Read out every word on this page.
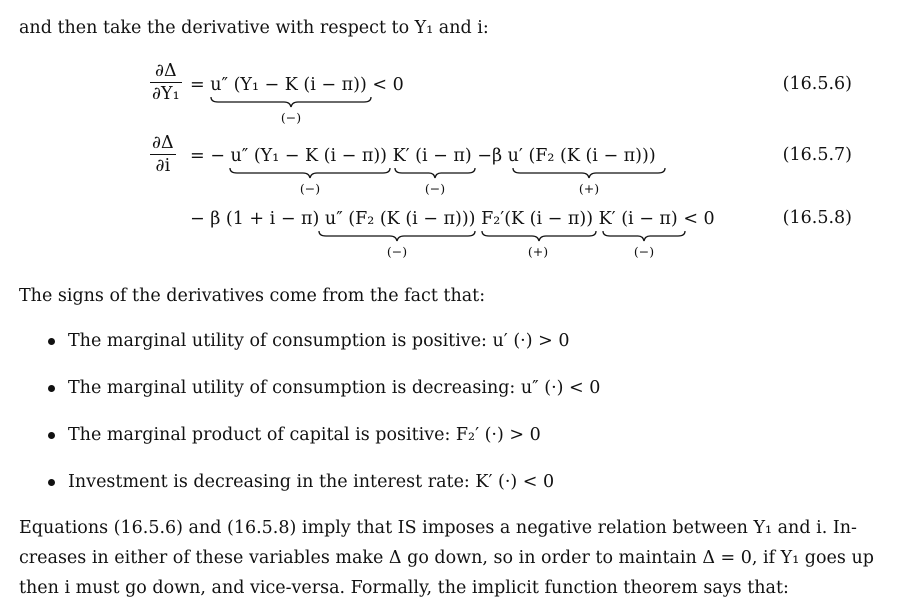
and then take the derivative with respect to Y₁ and i:
$\frac{\partial\Delta}{\text{∂Y₁}} = u''$ (Y₁ − K (i − π)) < 0
(−)
(16.5.6)
$\frac{\partial\Delta}{\partial i}$ = − u″ (Y₁ − K (i − π)) K′ (i − π) −β u′ (F₂ (K (i − π)))
(−)	(−)	(+)
(16.5.7)
− β (1 + i − π) u″ (F₂ (K (i − π))) F₂′(K (i − π)) K′ (i − π) < 0
(−)	(+)	(−)
(16.5.8)
The signs of the derivatives come from the fact that:
The marginal utility of consumption is positive: u′ (·) > 0
The marginal utility of consumption is decreasing: u″ (·) < 0
The marginal product of capital is positive: F₂′ (·) > 0
Investment is decreasing in the interest rate: K′ (·) < 0
Equations (16.5.6) and (16.5.8) imply that IS imposes a negative relation between Y₁ and i. In-
creases in either of these variables make Δ go down, so in order to maintain Δ = 0, if Y₁ goes up
then i must go down, and vice-versa. Formally, the implicit function theorem says that:
